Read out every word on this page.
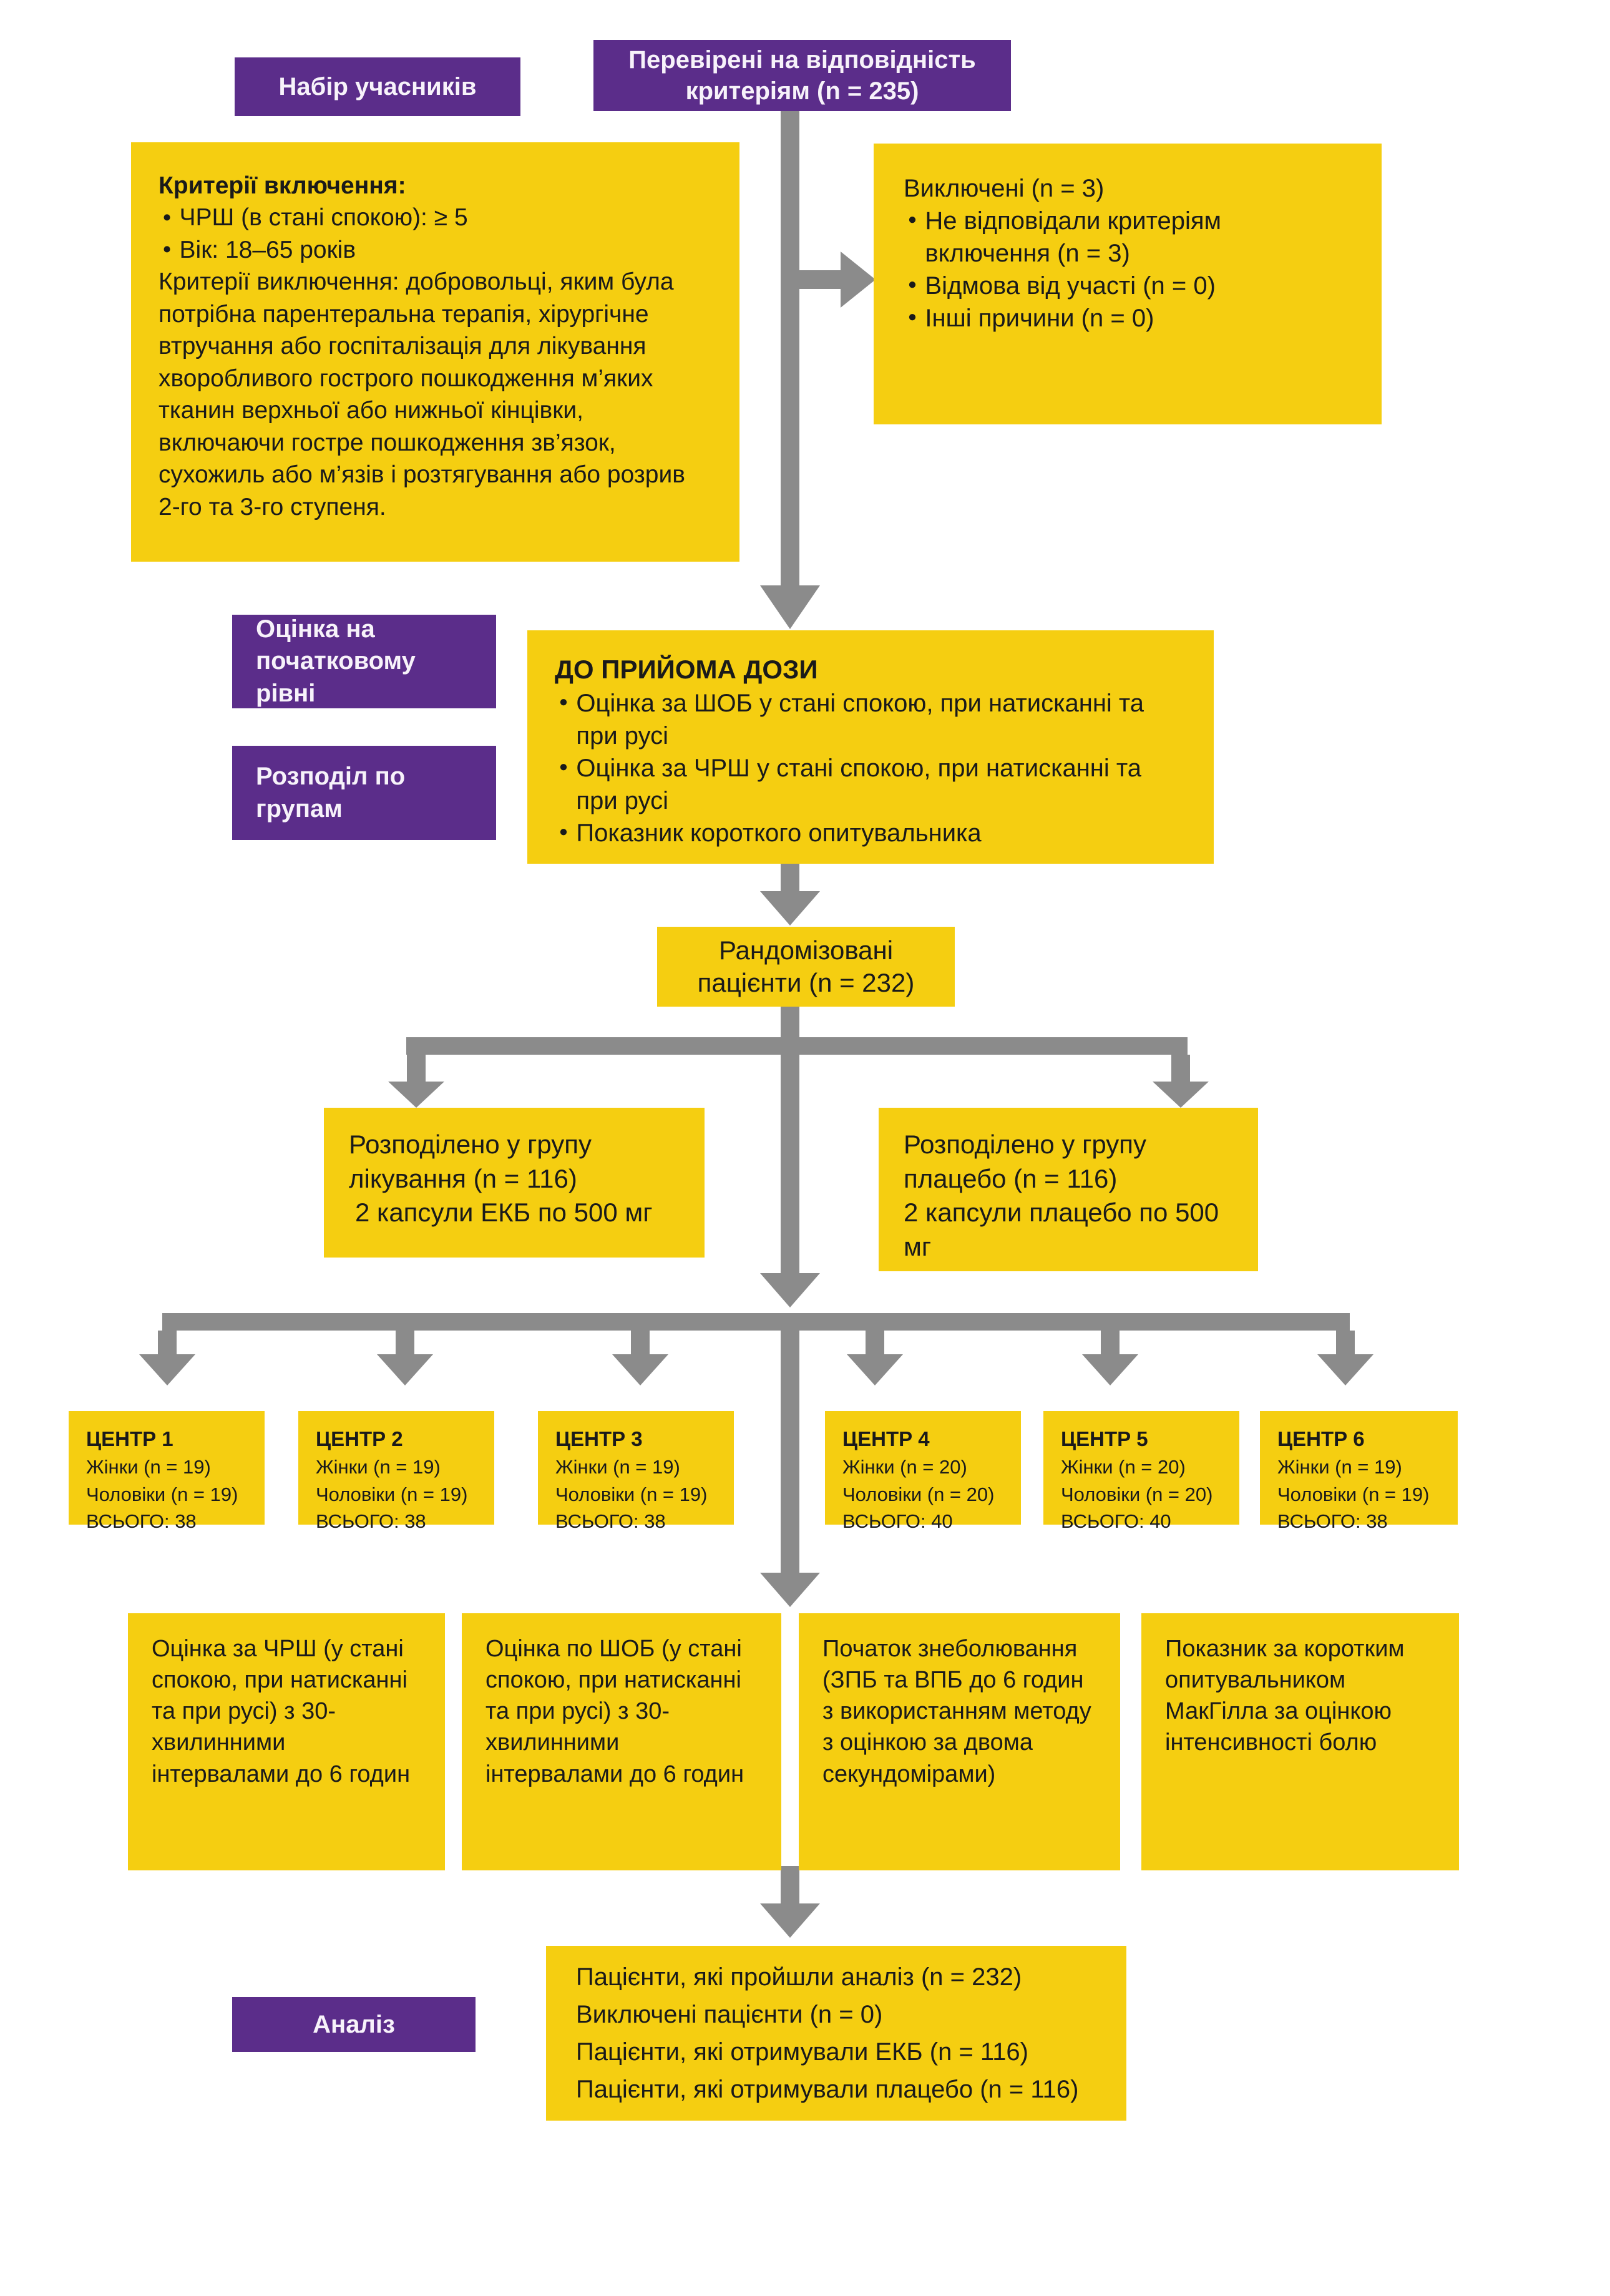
Набір учасників
Перевірені на відповідність критеріям (n = 235)
Критерії включення:
● ЧРШ (в стані спокою): ≥ 5
● Вік: 18–65 років
Критерії виключення: добровольці, яким була потрібна парентеральна терапія, хірургічне втручання або госпіталізація для лікування хворобливого гострого пошкодження м’яких тканин верхньої або нижньої кінцівки, включаючи гостре пошкодження зв’язок, сухожиль або м’язів і розтягування або розрив 2-го та 3-го ступеня.
Виключені (n = 3)
● Не відповідали критеріям включення (n = 3)
● Відмова від участі (n = 0)
● Інші причини (n = 0)
Оцінка на початковому рівні
Розподіл по групам
ДО ПРИЙОМА ДОЗИ
● Оцінка за ШОБ у стані спокою, при натисканні та при русі
● Оцінка за ЧРШ у стані спокою, при натисканні та при русі
● Показник короткого опитувальника
Рандомізовані пацієнти (n = 232)
Розподілено у групу лікування (n = 116)
2 капсули ЕКБ по 500 мг
Розподілено у групу плацебо (n = 116)
2 капсули плацебо по 500 мг
ЦЕНТР 1
Жінки (n = 19)
Чоловіки (n = 19)
ВСЬОГО: 38
ЦЕНТР 2
Жінки (n = 19)
Чоловіки (n = 19)
ВСЬОГО: 38
ЦЕНТР 3
Жінки (n = 19)
Чоловіки (n = 19)
ВСЬОГО: 38
ЦЕНТР 4
Жінки (n = 20)
Чоловіки (n = 20)
ВСЬОГО: 40
ЦЕНТР 5
Жінки (n = 20)
Чоловіки (n = 20)
ВСЬОГО: 40
ЦЕНТР 6
Жінки (n = 19)
Чоловіки (n = 19)
ВСЬОГО: 38
Оцінка за ЧРШ (у стані спокою, при натисканні та при русі) з 30-хвилинними інтервалами до 6 годин
Оцінка по ШОБ (у стані спокою, при натисканні та при русі) з 30-хвилинними інтервалами до 6 годин
Початок знеболювання (ЗПБ та ВПБ до 6 годин з використанням методу з оцінкою за двома секундомірами)
Показник за коротким опитувальником МакГілла за оцінкою інтенсивності болю
Аналіз
Пацієнти, які пройшли аналіз (n = 232)
Виключені пацієнти (n = 0)
Пацієнти, які отримували ЕКБ (n = 116)
Пацієнти, які отримували плацебо (n = 116)
